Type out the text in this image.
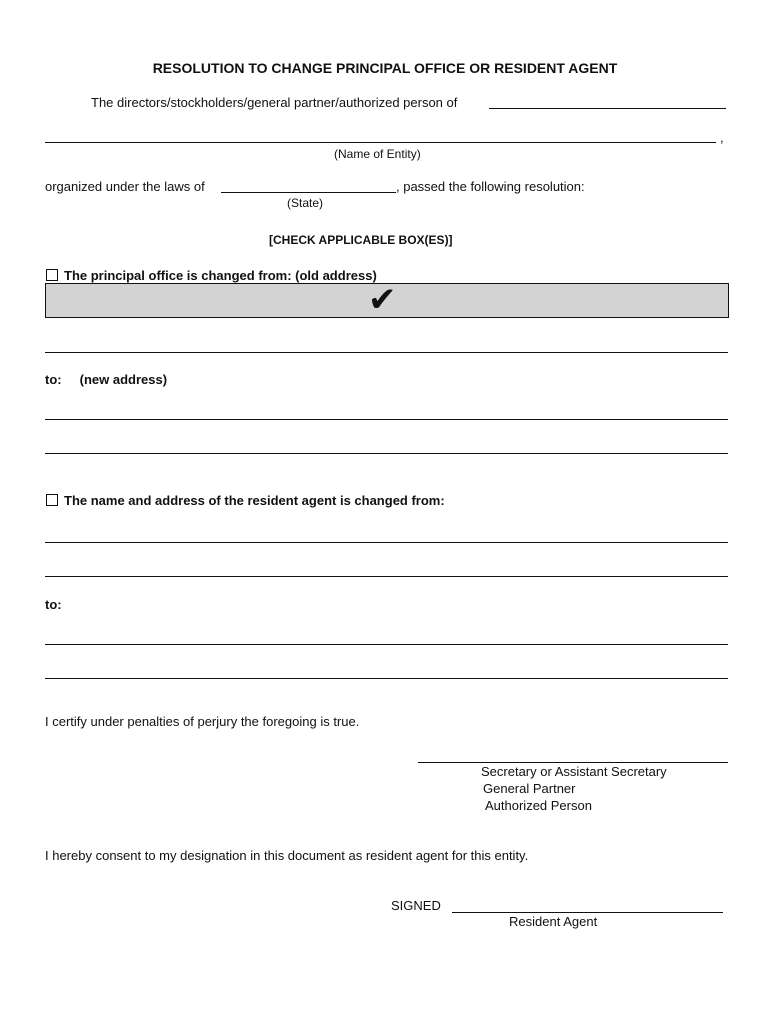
RESOLUTION TO CHANGE PRINCIPAL OFFICE OR RESIDENT AGENT
The directors/stockholders/general partner/authorized person of
,
(Name of Entity)
organized under the laws of	, passed the following resolution:
(State)
[CHECK APPLICABLE BOX(ES)]
The principal office is changed from: (old address)
✔
to:     (new address)
The name and address of the resident agent is changed from:
to:
I certify under penalties of perjury the foregoing is true.
Secretary or Assistant Secretary
General Partner
Authorized Person
I hereby consent to my designation in this document as resident agent for this entity.
SIGNED
Resident Agent
